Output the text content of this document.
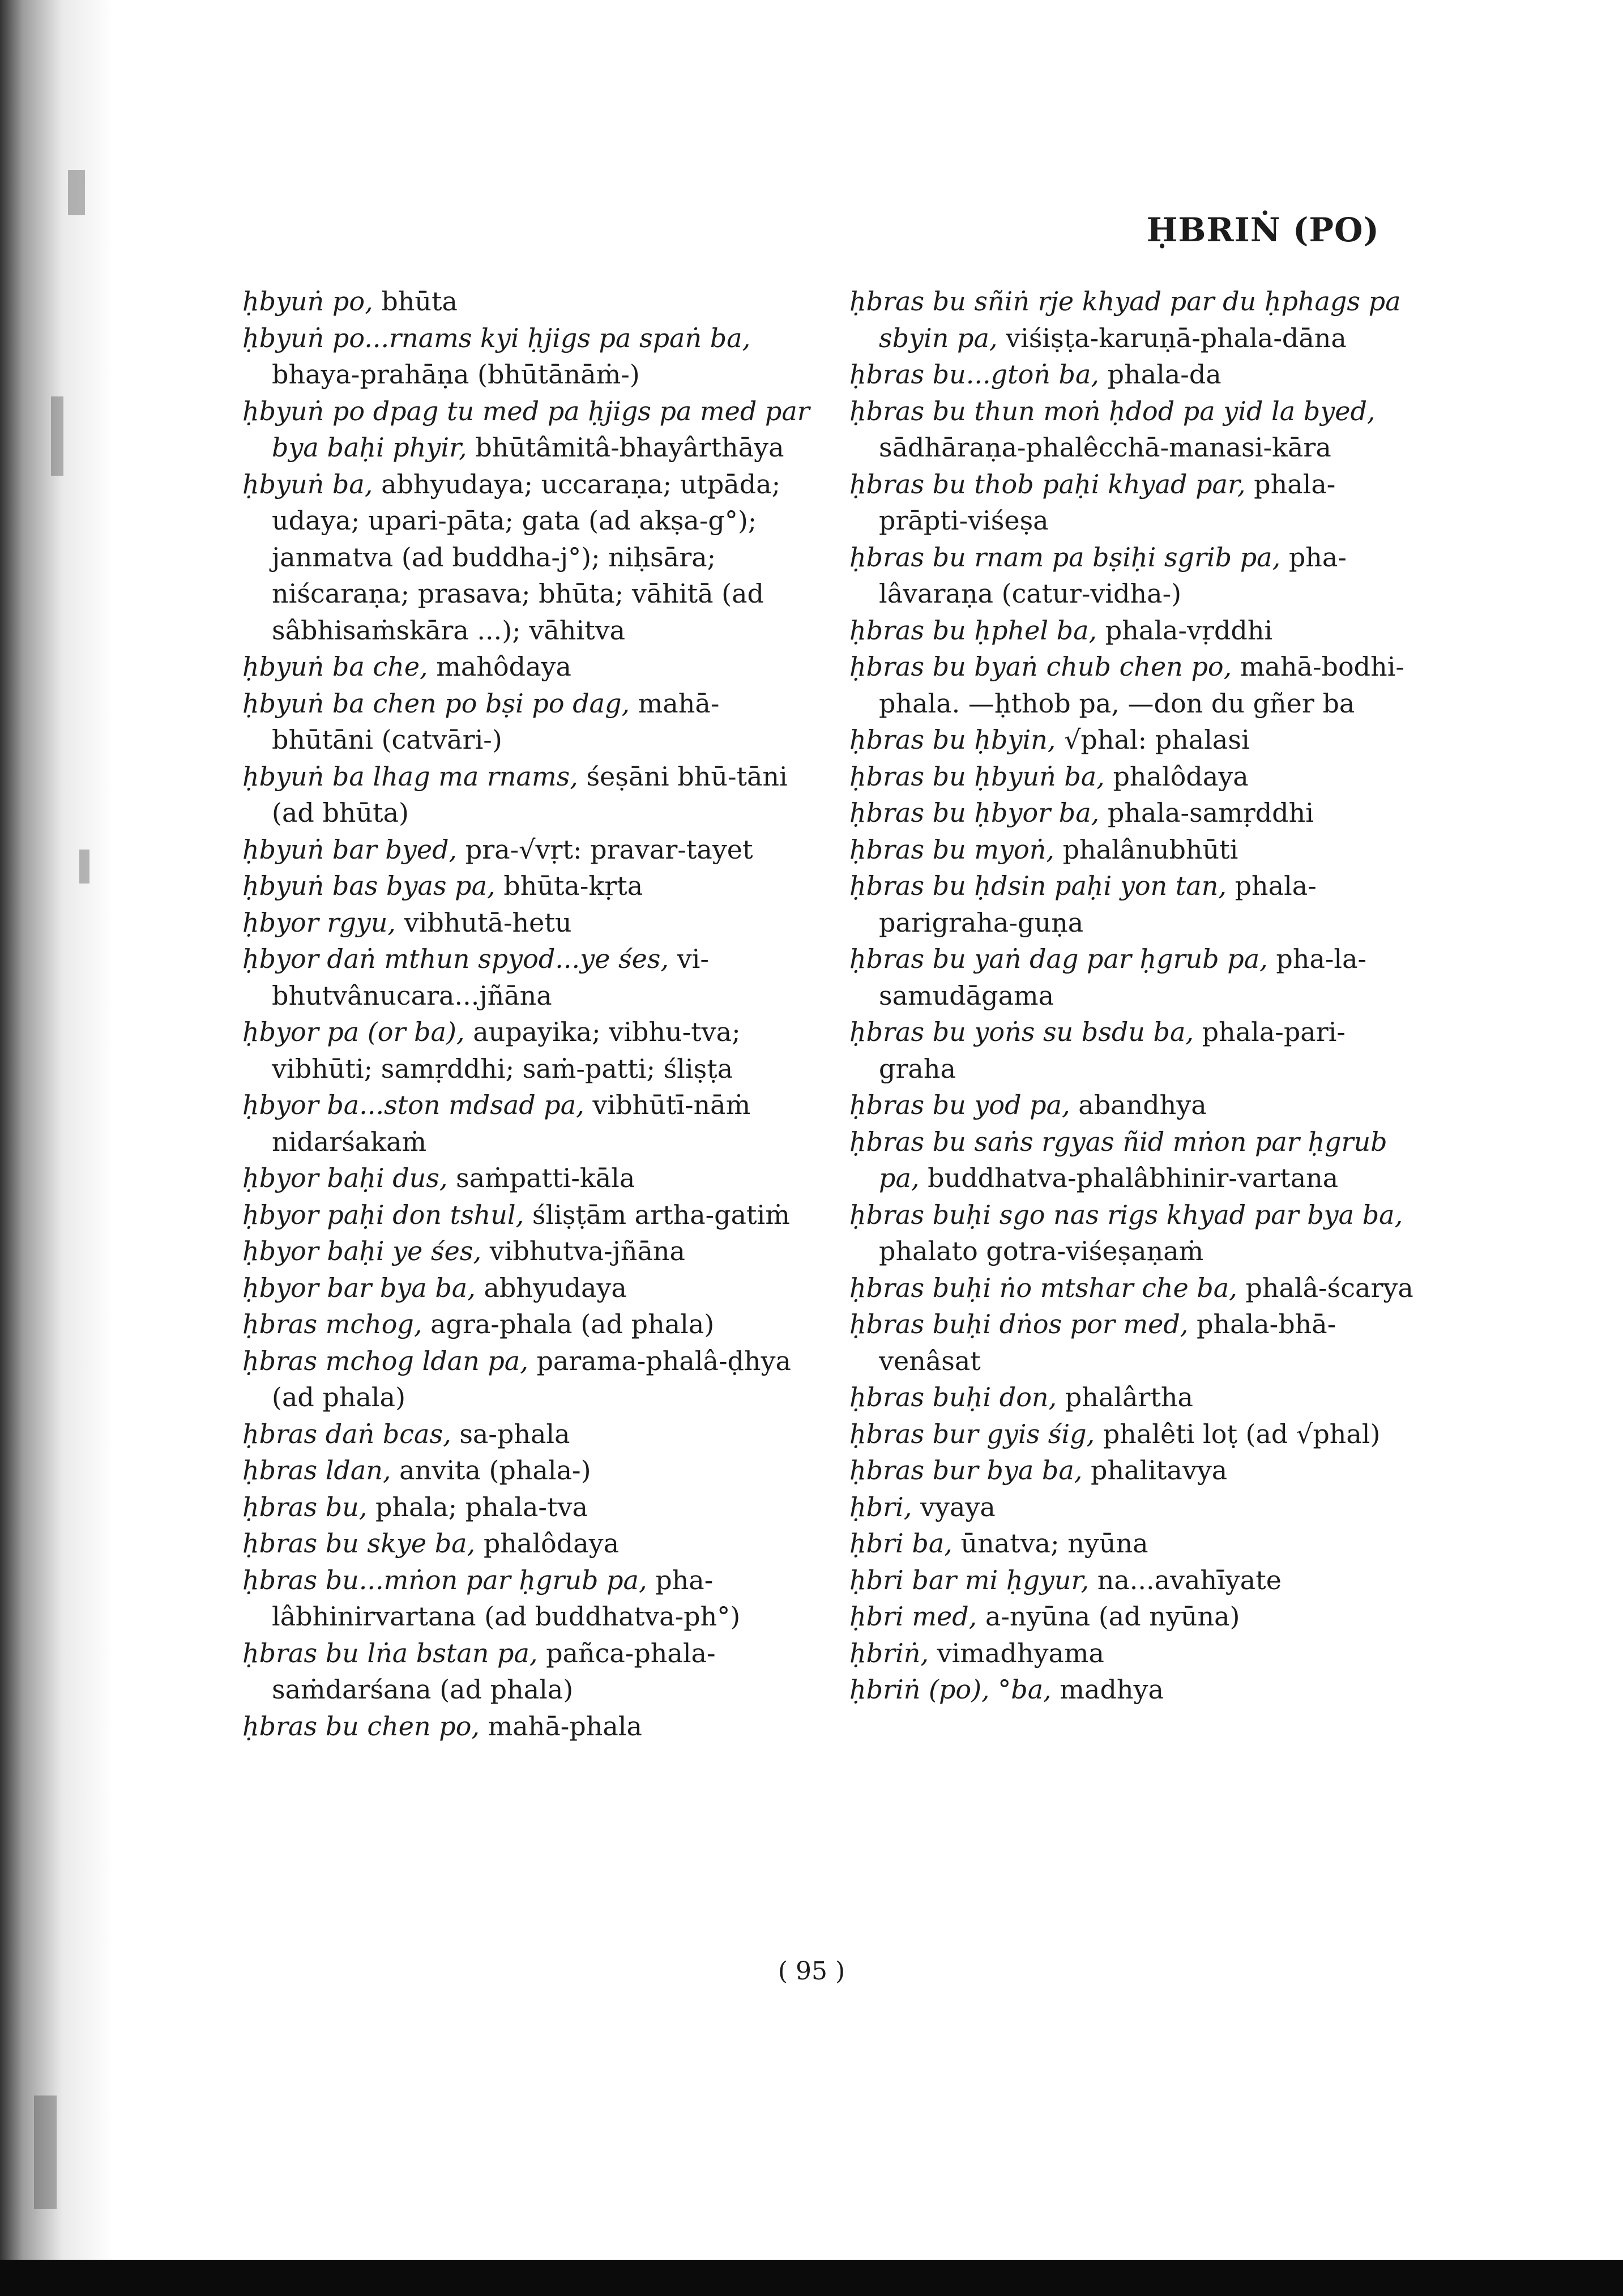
ḤBRIṄ (PO)
ḥbyuṅ po, bhūta
ḥbyuṅ po...rnams kyi ḥjigs pa spaṅ ba, bhaya-prahāṇa (bhūtānāṁ-)
ḥbyuṅ po dpag tu med pa ḥjigs pa med par bya baḥi phyir, bhūtâmitâ-bhayârthāya
ḥbyuṅ ba, abhyudaya; uccaraṇa; utpāda; udaya; upari-pāta; gata (ad akṣa-g°); janmatva (ad buddha-j°); niḥsāra; niścaraṇa; prasava; bhūta; vāhitā (ad sâbhisaṁskāra ...); vāhitva
ḥbyuṅ ba che, mahôdaya
ḥbyuṅ ba chen po bṣi po dag, mahā-bhūtāni (catvāri-)
ḥbyuṅ ba lhag ma rnams, śeṣāni bhū-tāni (ad bhūta)
ḥbyuṅ bar byed, pra-√vṛt: pravar-tayet
ḥbyuṅ bas byas pa, bhūta-kṛta
ḥbyor rgyu, vibhutā-hetu
ḥbyor daṅ mthun spyod...ye śes, vi-bhutvânucara...jñāna
ḥbyor pa (or ba), aupayika; vibhu-tva; vibhūti; samṛddhi; saṁ-patti; śliṣṭa
ḥbyor ba...ston mdsad pa, vibhūtī-nāṁ nidarśakaṁ
ḥbyor baḥi dus, saṁpatti-kāla
ḥbyor paḥi don tshul, śliṣṭām artha-gatiṁ
ḥbyor baḥi ye śes, vibhutva-jñāna
ḥbyor bar bya ba, abhyudaya
ḥbras mchog, agra-phala (ad phala)
ḥbras mchog ldan pa, parama-phalâ-ḍhya (ad phala)
ḥbras daṅ bcas, sa-phala
ḥbras ldan, anvita (phala-)
ḥbras bu, phala; phala-tva
ḥbras bu skye ba, phalôdaya
ḥbras bu...mṅon par ḥgrub pa, pha-lâbhinirvartana (ad buddhatva-ph°)
ḥbras bu lṅa bstan pa, pañca-phala-saṁdarśana (ad phala)
ḥbras bu chen po, mahā-phala
ḥbras bu sñiṅ rje khyad par du ḥphags pa sbyin pa, viśiṣṭa-karuṇā-phala-dāna
ḥbras bu...gtoṅ ba, phala-da
ḥbras bu thun moṅ ḥdod pa yid la byed, sādhāraṇa-phalêcchā-manasi-kāra
ḥbras bu thob paḥi khyad par, phala-prāpti-viśeṣa
ḥbras bu rnam pa bṣiḥi sgrib pa, pha-lâvaraṇa (catur-vidha-)
ḥbras bu ḥphel ba, phala-vṛddhi
ḥbras bu byaṅ chub chen po, mahā-bodhi-phala. —ḥthob pa, —don du gñer ba
ḥbras bu ḥbyin, √phal: phalasi
ḥbras bu ḥbyuṅ ba, phalôdaya
ḥbras bu ḥbyor ba, phala-samṛddhi
ḥbras bu myoṅ, phalânubhūti
ḥbras bu ḥdsin paḥi yon tan, phala-parigraha-guṇa
ḥbras bu yaṅ dag par ḥgrub pa, pha-la-samudāgama
ḥbras bu yoṅs su bsdu ba, phala-pari-graha
ḥbras bu yod pa, abandhya
ḥbras bu saṅs rgyas ñid mṅon par ḥgrub pa, buddhatva-phalâbhinir-vartana
ḥbras buḥi sgo nas rigs khyad par bya ba, phalato gotra-viśeṣaṇaṁ
ḥbras buḥi ṅo mtshar che ba, phalâ-ścarya
ḥbras buḥi dṅos por med, phala-bhā-venâsat
ḥbras buḥi don, phalârtha
ḥbras bur gyis śig, phalêti loṭ (ad √phal)
ḥbras bur bya ba, phalitavya
ḥbri, vyaya
ḥbri ba, ūnatva; nyūna
ḥbri bar mi ḥgyur, na...avahīyate
ḥbri med, a-nyūna (ad nyūna)
ḥbriṅ, vimadhyama
ḥbriṅ (po), °ba, madhya
( 95 )
